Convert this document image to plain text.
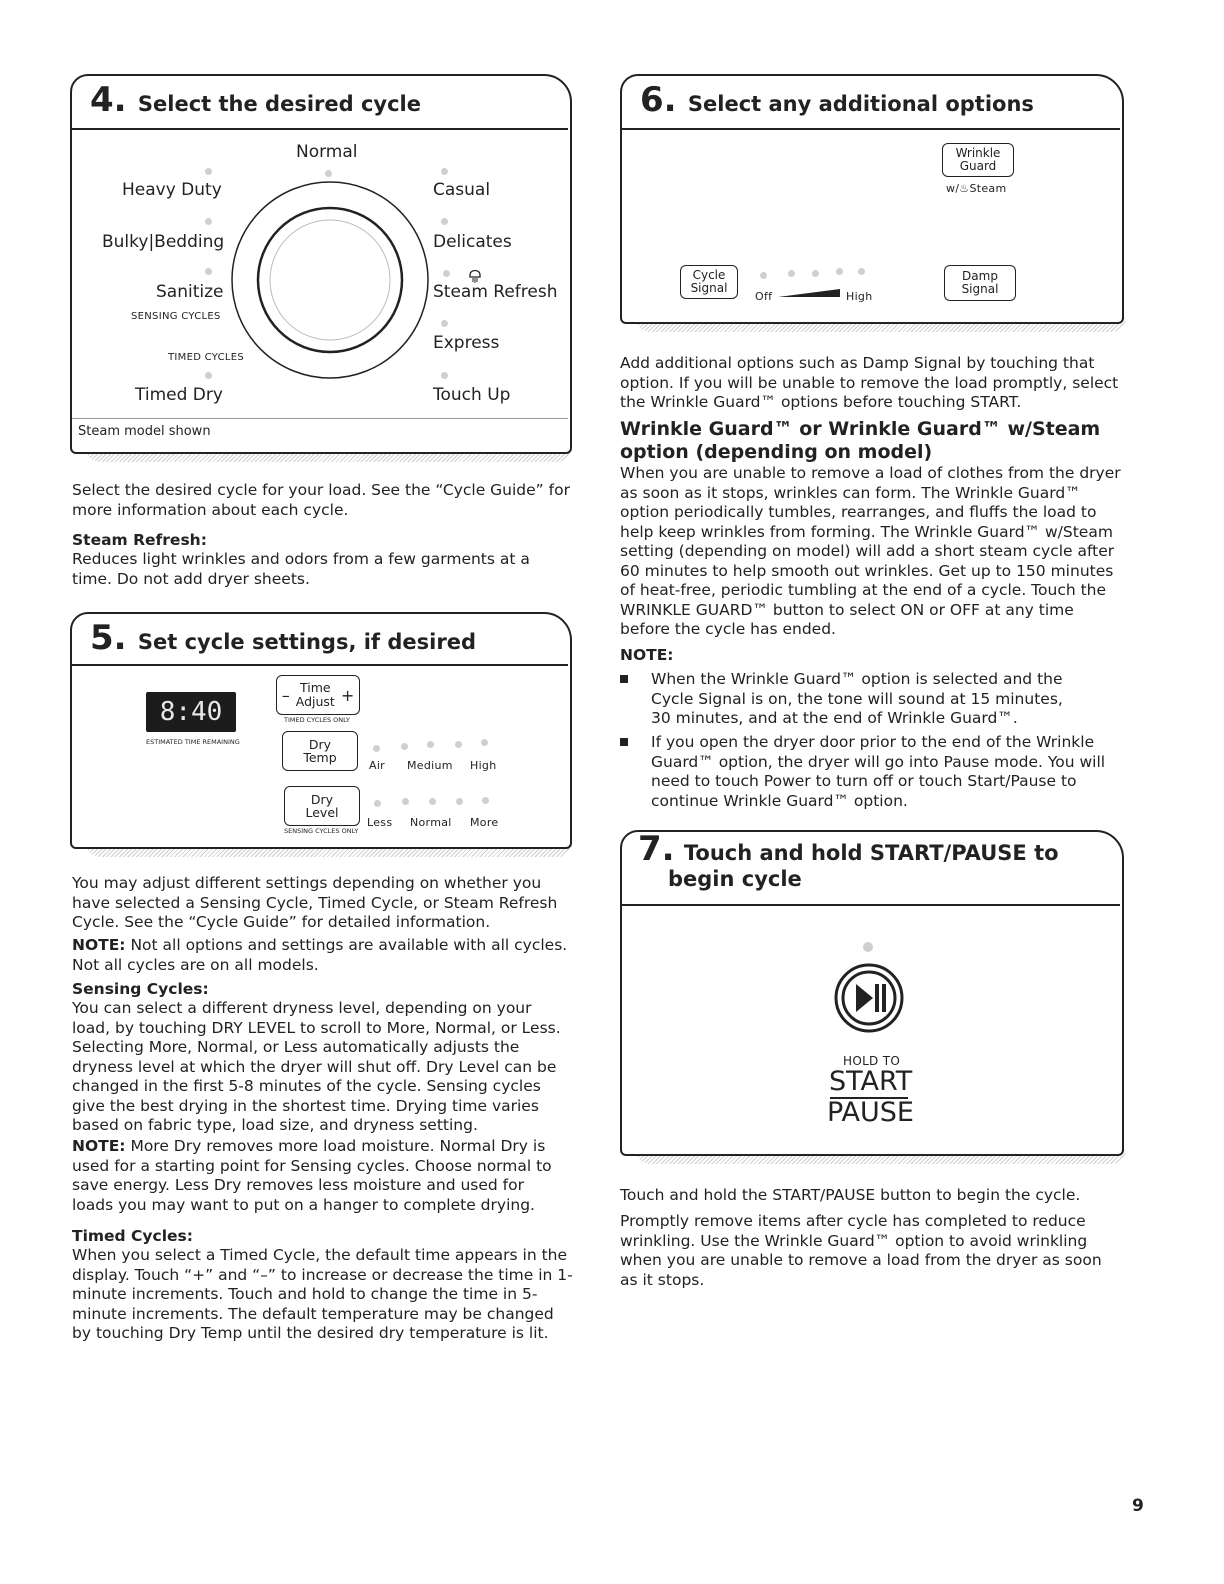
4. Select the desired cycle
Normal
Heavy Duty	Casual
Bulky|Bedding	Delicates
Sanitize	Steam Refresh
SENSING CYCLES
Express
TIMED CYCLES
Timed Dry	Touch Up
Steam model shown
Select the desired cycle for your load. See the “Cycle Guide” for more information about each cycle.
Steam Refresh:
Reduces light wrinkles and odors from a few garments at a time. Do not add dryer sheets.
5. Set cycle settings, if desired
8:40
ESTIMATED TIME REMAINING
– Time
Adjust +
TIMED CYCLES ONLY
Dry
Temp
Air Medium High
Dry
Level
SENSING CYCLES ONLY
Less Normal More
You may adjust different settings depending on whether you have selected a Sensing Cycle, Timed Cycle, or Steam Refresh Cycle. See the “Cycle Guide” for detailed information.
NOTE: Not all options and settings are available with all cycles. Not all cycles are on all models.
Sensing Cycles:
You can select a different dryness level, depending on your load, by touching DRY LEVEL to scroll to More, Normal, or Less. Selecting More, Normal, or Less automatically adjusts the dryness level at which the dryer will shut off. Dry Level can be changed in the first 5-8 minutes of the cycle. Sensing cycles give the best drying in the shortest time. Drying time varies based on fabric type, load size, and dryness setting.
NOTE: More Dry removes more load moisture. Normal Dry is used for a starting point for Sensing cycles. Choose normal to save energy. Less Dry removes less moisture and used for loads you may want to put on a hanger to complete drying.
Timed Cycles:
When you select a Timed Cycle, the default time appears in the display. Touch “+” and “–” to increase or decrease the time in 1-minute increments. Touch and hold to change the time in 5-minute increments. The default temperature may be changed by touching Dry Temp until the desired dry temperature is lit.
6. Select any additional options
Wrinkle
Guard
w/♨Steam
Cycle
Signal
Off	High
Damp
Signal
Add additional options such as Damp Signal by touching that option. If you will be unable to remove the load promptly, select the Wrinkle Guard™ options before touching START.
Wrinkle Guard™ or Wrinkle Guard™ w/Steam option (depending on model)
When you are unable to remove a load of clothes from the dryer as soon as it stops, wrinkles can form. The Wrinkle Guard™ option periodically tumbles, rearranges, and fluffs the load to help keep wrinkles from forming. The Wrinkle Guard™ w/Steam setting (depending on model) will add a short steam cycle after 60 minutes to help smooth out wrinkles. Get up to 150 minutes of heat-free, periodic tumbling at the end of a cycle. Touch the WRINKLE GUARD™ button to select ON or OFF at any time before the cycle has ended.
NOTE:
When the Wrinkle Guard™ option is selected and the Cycle Signal is on, the tone will sound at 15 minutes, 30 minutes, and at the end of Wrinkle Guard™.
If you open the dryer door prior to the end of the Wrinkle Guard™ option, the dryer will go into Pause mode. You will need to touch Power to turn off or touch Start/Pause to continue Wrinkle Guard™ option.
7. Touch and hold START/PAUSE to
begin cycle
HOLD TO
START
PAUSE
Touch and hold the START/PAUSE button to begin the cycle.
Promptly remove items after cycle has completed to reduce wrinkling. Use the Wrinkle Guard™ option to avoid wrinkling when you are unable to remove a load from the dryer as soon as it stops.
9
